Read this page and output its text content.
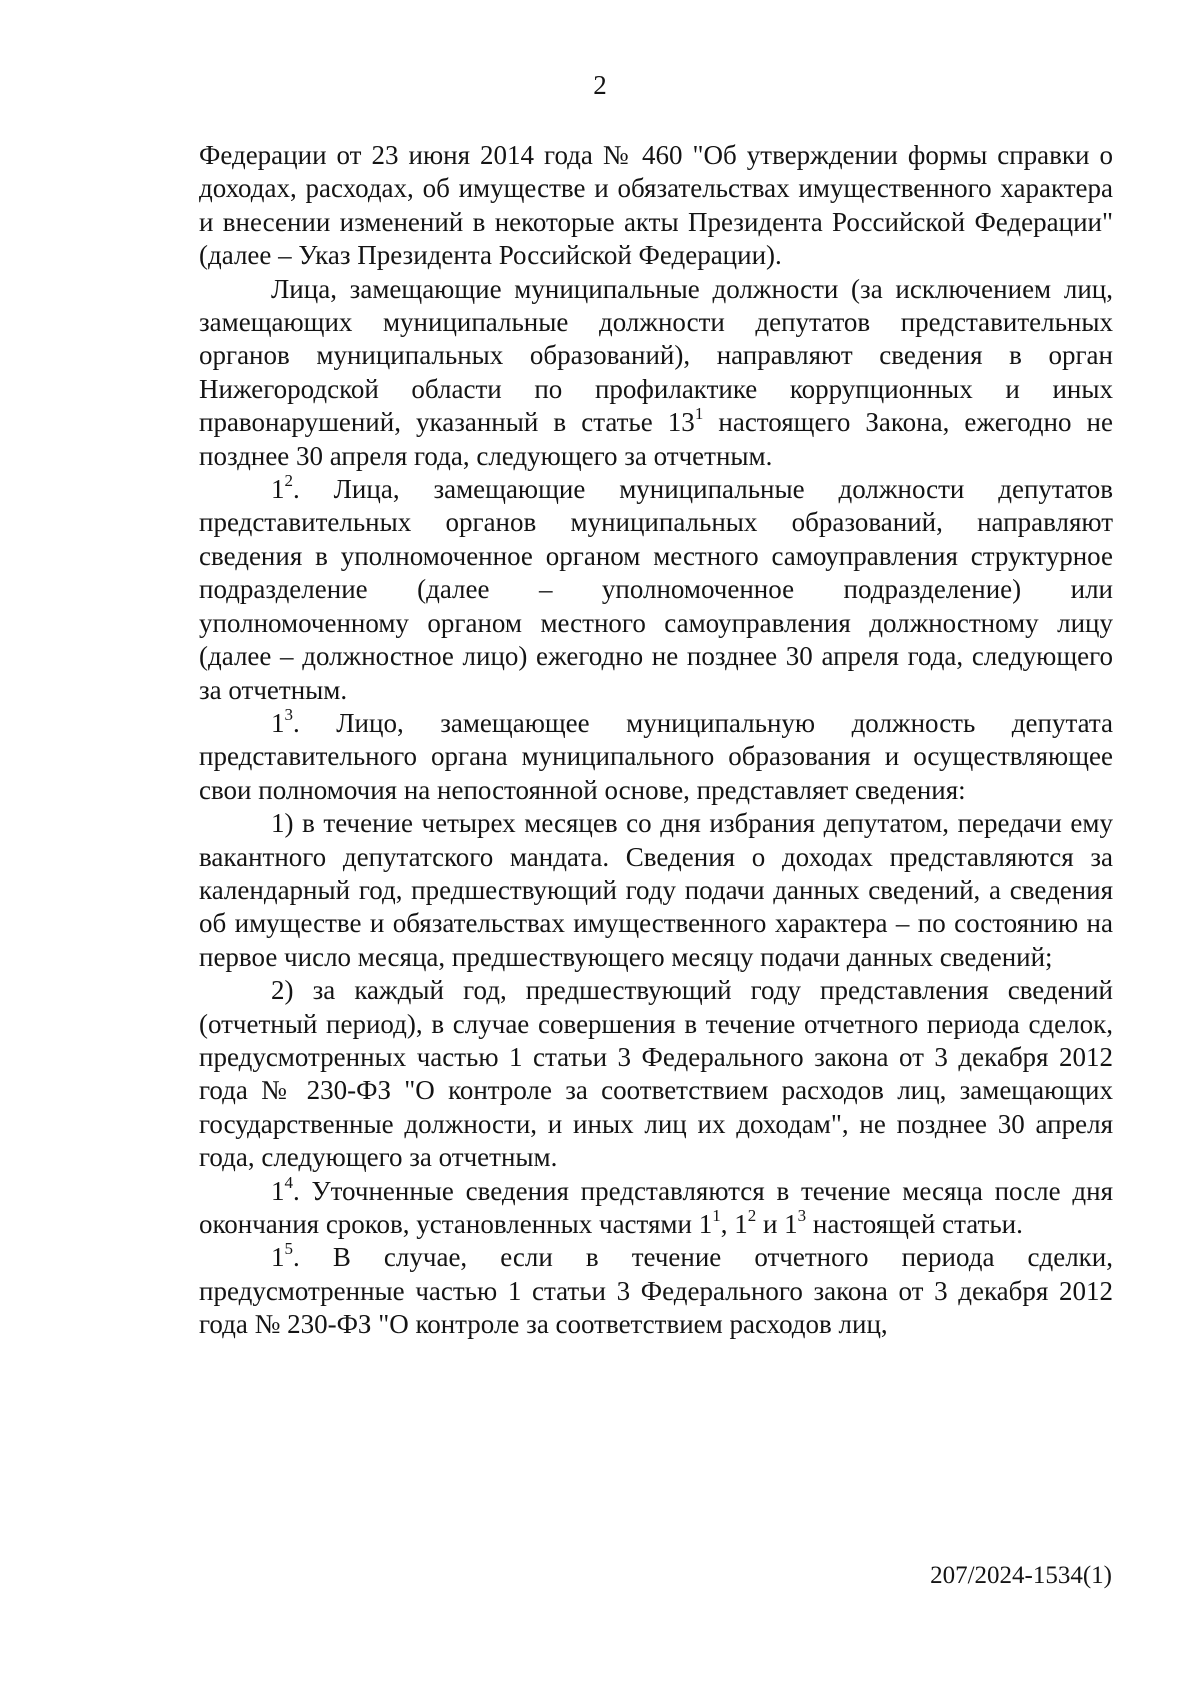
2

Федерации от 23 июня 2014 года № 460 "Об утверждении формы справки о доходах, расходах, об имуществе и обязательствах имущественного характера и внесении изменений в некоторые акты Президента Российской Федерации" (далее – Указ Президента Российской Федерации).

Лица, замещающие муниципальные должности (за исключением лиц, замещающих муниципальные должности депутатов представительных органов муниципальных образований), направляют сведения в орган Нижегородской области по профилактике коррупционных и иных правонарушений, указанный в статье $13^1$ настоящего Закона, ежегодно не позднее 30 апреля года, следующего за отчетным.

$1^2$. Лица, замещающие муниципальные должности депутатов представительных органов муниципальных образований, направляют сведения в уполномоченное органом местного самоуправления структурное подразделение (далее – уполномоченное подразделение) или уполномоченному органом местного самоуправления должностному лицу (далее – должностное лицо) ежегодно не позднее 30 апреля года, следующего за отчетным.

$1^3$. Лицо, замещающее муниципальную должность депутата представительного органа муниципального образования и осуществляющее свои полномочия на непостоянной основе, представляет сведения:

1) в течение четырех месяцев со дня избрания депутатом, передачи ему вакантного депутатского мандата. Сведения о доходах представляются за календарный год, предшествующий году подачи данных сведений, а сведения об имуществе и обязательствах имущественного характера – по состоянию на первое число месяца, предшествующего месяцу подачи данных сведений;

2) за каждый год, предшествующий году представления сведений (отчетный период), в случае совершения в течение отчетного периода сделок, предусмотренных частью 1 статьи 3 Федерального закона от 3 декабря 2012 года № 230-ФЗ "О контроле за соответствием расходов лиц, замещающих государственные должности, и иных лиц их доходам", не позднее 30 апреля года, следующего за отчетным.

$1^4$. Уточненные сведения представляются в течение месяца после дня окончания сроков, установленных частями $1^1$, $1^2$ и $1^3$ настоящей статьи.

$1^5$. В случае, если в течение отчетного периода сделки, предусмотренные частью 1 статьи 3 Федерального закона от 3 декабря 2012 года № 230-ФЗ "О контроле за соответствием расходов лиц,

207/2024-1534(1)
